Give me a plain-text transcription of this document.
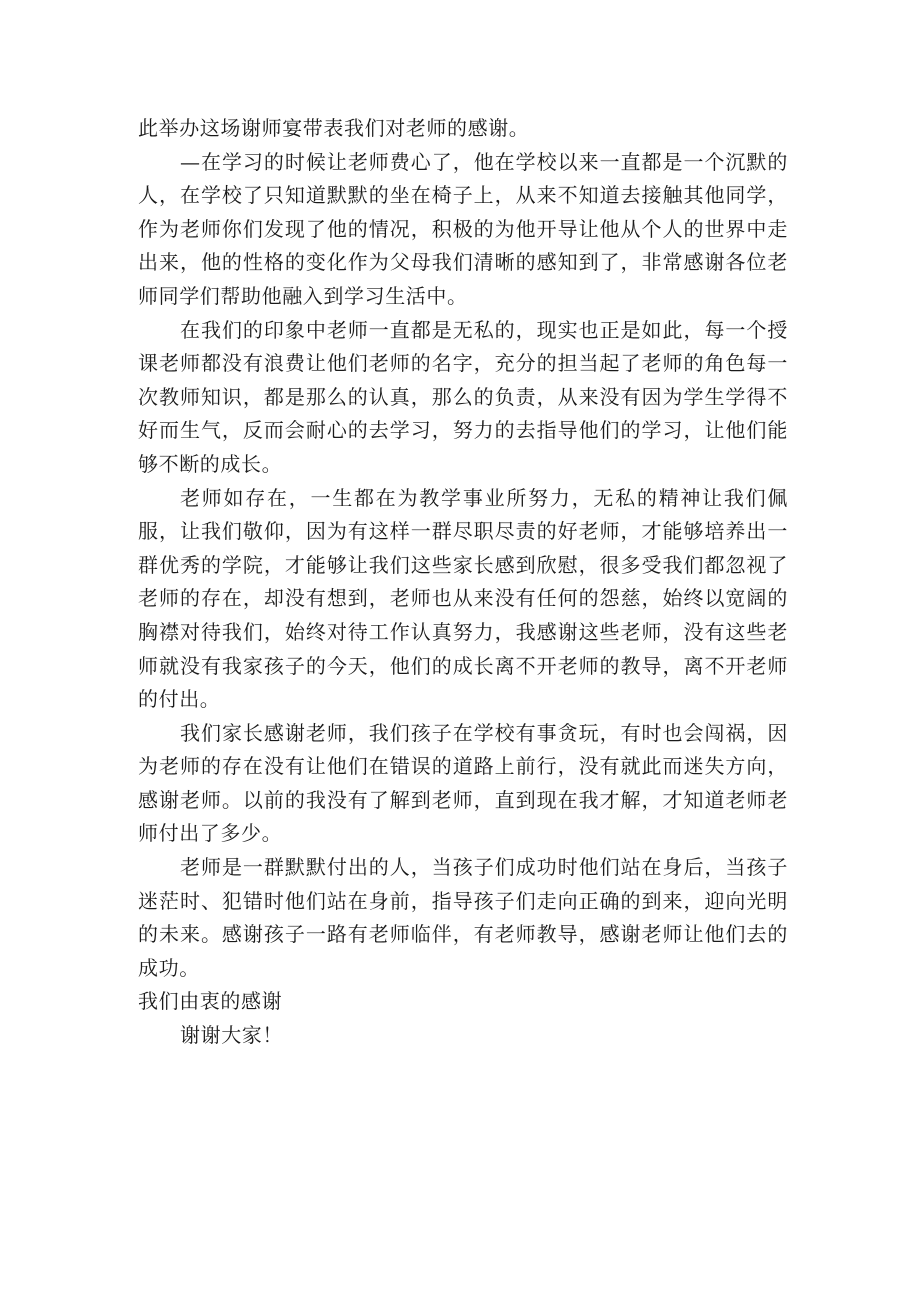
此举办这场谢师宴带表我们对老师的感谢。

—在学习的时候让老师费心了，他在学校以来一直都是一个沉默的人，在学校了只知道默默的坐在椅子上，从来不知道去接触其他同学，作为老师你们发现了他的情况，积极的为他开导让他从个人的世界中走出来，他的性格的变化作为父母我们清晰的感知到了，非常感谢各位老师同学们帮助他融入到学习生活中。

在我们的印象中老师一直都是无私的，现实也正是如此，每一个授课老师都没有浪费让他们老师的名字，充分的担当起了老师的角色每一次教师知识，都是那么的认真，那么的负责，从来没有因为学生学得不好而生气，反而会耐心的去学习，努力的去指导他们的学习，让他们能够不断的成长。

老师如存在，一生都在为教学事业所努力，无私的精神让我们佩服，让我们敬仰，因为有这样一群尽职尽责的好老师，才能够培养出一群优秀的学院，才能够让我们这些家长感到欣慰，很多受我们都忽视了老师的存在，却没有想到，老师也从来没有任何的怨慈，始终以宽阔的胸襟对待我们，始终对待工作认真努力，我感谢这些老师，没有这些老师就没有我家孩子的今天，他们的成长离不开老师的教导，离不开老师的付出。

我们家长感谢老师，我们孩子在学校有事贪玩，有时也会闯祸，因为老师的存在没有让他们在错误的道路上前行，没有就此而迷失方向，感谢老师。以前的我没有了解到老师，直到现在我才解，才知道老师老师付出了多少。

老师是一群默默付出的人，当孩子们成功时他们站在身后，当孩子迷茫时、犯错时他们站在身前，指导孩子们走向正确的到来，迎向光明的未来。感谢孩子一路有老师临伴，有老师教导，感谢老师让他们去的成功。

我们由衷的感谢

谢谢大家！
